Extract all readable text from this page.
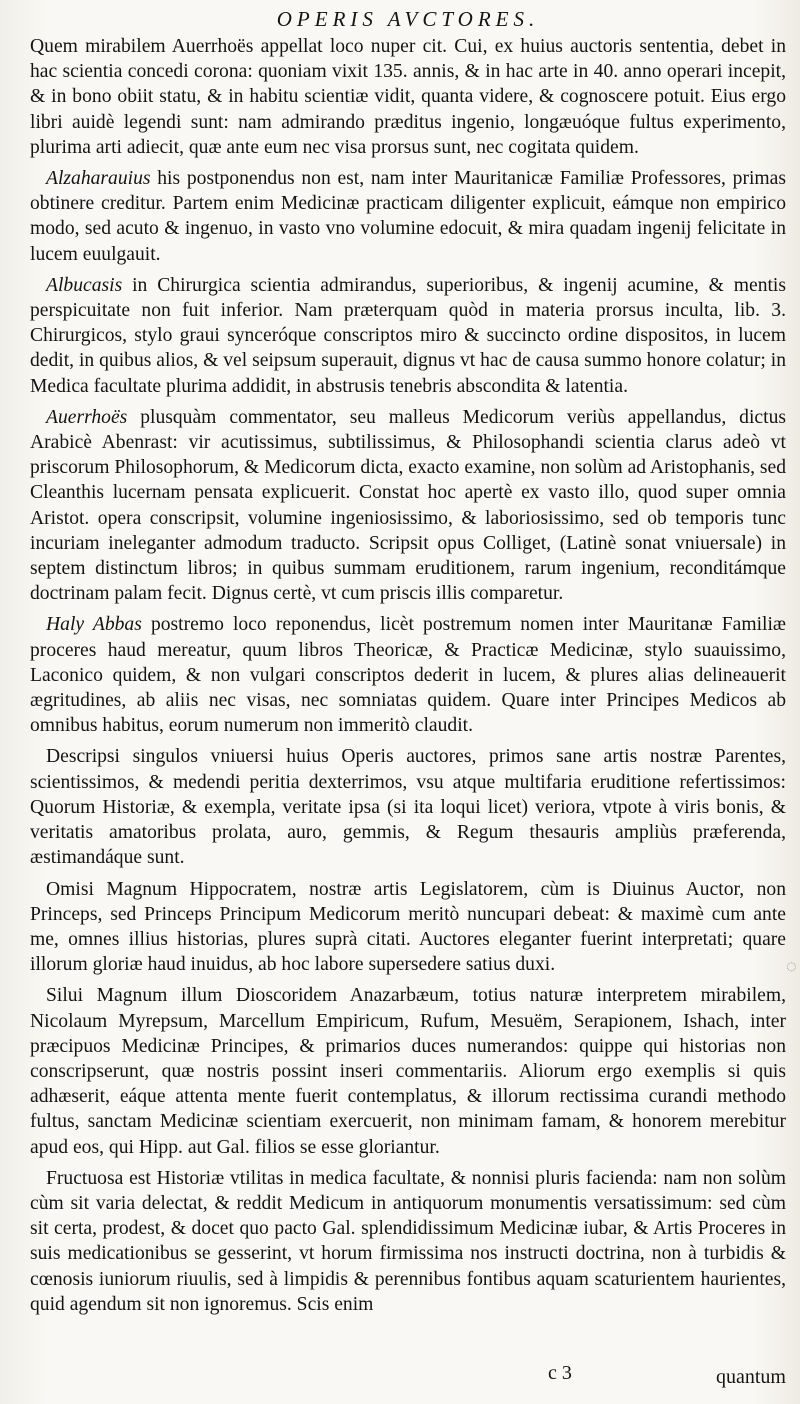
OPERIS AVCTORES.

Quem mirabilem Auerrhoës appellat loco nuper cit. Cui, ex huius auctoris sententia, debet in hac scientia concedi corona: quoniam vixit 135. annis, & in hac arte in 40. anno operari incepit, & in bono obiit statu, & in habitu scientiæ vidit, quanta videre, & cognoscere potuit. Eius ergo libri auidè legendi sunt: nam admirando præditus ingenio, longæuóque fultus experimento, plurima arti adiecit, quæ ante eum nec visa prorsus sunt, nec cogitata quidem.

Alzaharauius his postponendus non est, nam inter Mauritanicæ Familiæ Professores, primas obtinere creditur. Partem enim Medicinæ practicam diligenter explicuit, eámque non empirico modo, sed acuto & ingenuo, in vasto vno volumine edocuit, & mira quadam ingenij felicitate in lucem euulgauit.

Albucasis in Chirurgica scientia admirandus, superioribus, & ingenij acumine, & mentis perspicuitate non fuit inferior. Nam præterquam quòd in materia prorsus inculta, lib. 3. Chirurgicos, stylo graui synceróque conscriptos miro & succincto ordine dispositos, in lucem dedit, in quibus alios, & vel seipsum superauit, dignus vt hac de causa summo honore colatur; in Medica facultate plurima addidit, in abstrusis tenebris abscondita & latentia.

Auerrhoës plusquàm commentator, seu malleus Medicorum veriùs appellandus, dictus Arabicè Abenrast: vir acutissimus, subtilissimus, & Philosophandi scientia clarus adeò vt priscorum Philosophorum, & Medicorum dicta, exacto examine, non solùm ad Aristophanis, sed Cleanthis lucernam pensata explicuerit. Constat hoc apertè ex vasto illo, quod super omnia Aristot. opera conscripsit, volumine ingeniosissimo, & laboriosissimo, sed ob temporis tunc incuriam ineleganter admodum traducto. Scripsit opus Colliget, (Latinè sonat vniuersale) in septem distinctum libros; in quibus summam eruditionem, rarum ingenium, reconditámque doctrinam palam fecit. Dignus certè, vt cum priscis illis comparetur.

Haly Abbas postremo loco reponendus, licèt postremum nomen inter Mauritanæ Familiæ proceres haud mereatur, quum libros Theoricæ, & Practicæ Medicinæ, stylo suauissimo, Laconico quidem, & non vulgari conscriptos dederit in lucem, & plures alias delineauerit ægritudines, ab aliis nec visas, nec somniatas quidem. Quare inter Principes Medicos ab omnibus habitus, eorum numerum non immeritò claudit.

Descripsi singulos vniuersi huius Operis auctores, primos sane artis nostræ Parentes, scientissimos, & medendi peritia dexterrimos, vsu atque multifaria eruditione refertissimos: Quorum Historiæ, & exempla, veritate ipsa (si ita loqui licet) veriora, vtpote à viris bonis, & veritatis amatoribus prolata, auro, gemmis, & Regum thesauris ampliùs præferenda, æstimandáque sunt.

Omisi Magnum Hippocratem, nostræ artis Legislatorem, cùm is Diuinus Auctor, non Princeps, sed Princeps Principum Medicorum meritò nuncupari debeat: & maximè cum ante me, omnes illius historias, plures suprà citati. Auctores eleganter fuerint interpretati; quare illorum gloriæ haud inuidus, ab hoc labore supersedere satius duxi.

Silui Magnum illum Dioscoridem Anazarbæum, totius naturæ interpretem mirabilem, Nicolaum Myrepsum, Marcellum Empiricum, Rufum, Mesuëm, Serapionem, Ishach, inter præcipuos Medicinæ Principes, & primarios duces numerandos: quippe qui historias non conscripserunt, quæ nostris possint inseri commentariis. Aliorum ergo exemplis si quis adhæserit, eáque attenta mente fuerit contemplatus, & illorum rectissima curandi methodo fultus, sanctam Medicinæ scientiam exercuerit, non minimam famam, & honorem merebitur apud eos, qui Hipp. aut Gal. filios se esse gloriantur.

Fructuosa est Historiæ vtilitas in medica facultate, & nonnisi pluris facienda: nam non solùm cùm sit varia delectat, & reddit Medicum in antiquorum monumentis versatissimum: sed cùm sit certa, prodest, & docet quo pacto Gal. splendidissimum Medicinæ iubar, & Artis Proceres in suis medicationibus se gesserint, vt horum firmissima nos instructi doctrina, non à turbidis & cœnosis iuniorum riuulis, sed à limpidis & perennibus fontibus aquam scaturientem haurientes, quid agendum sit non ignoremus. Scis enim

◌
c 3	quantum
